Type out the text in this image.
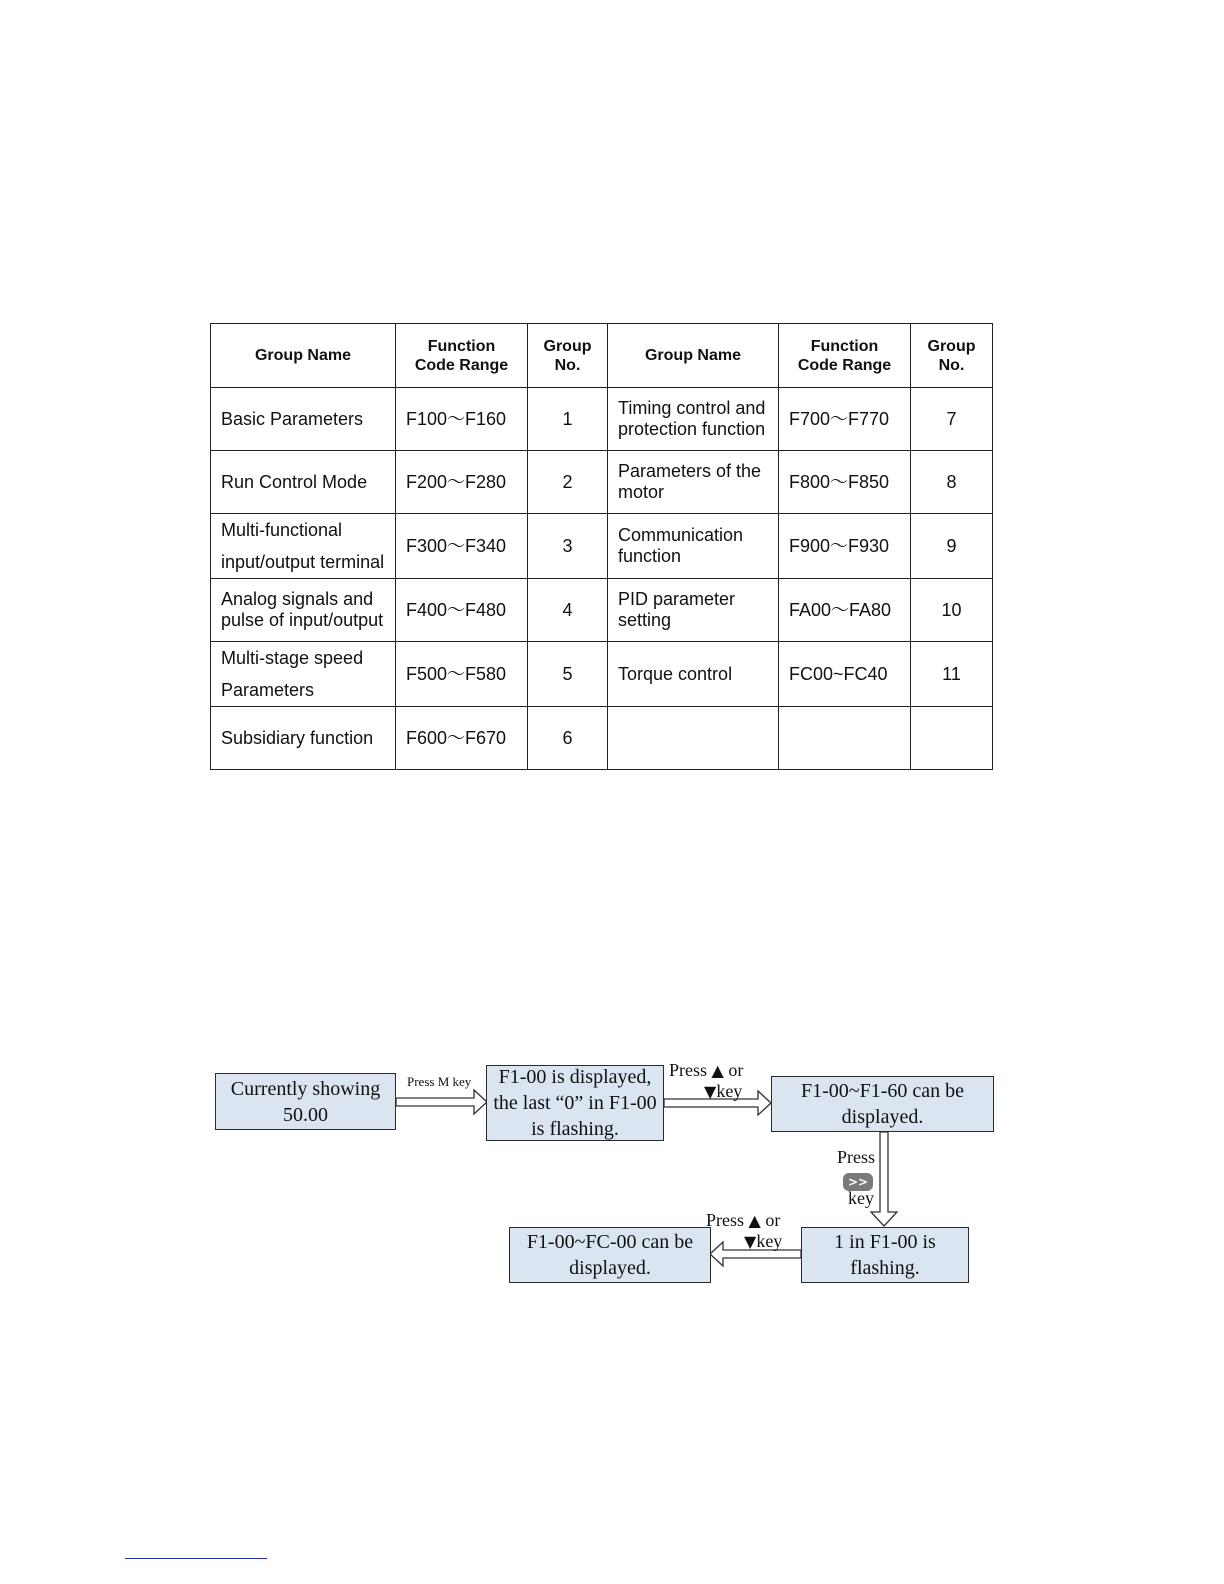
Group Name	Function Code Range	Group No.	Group Name	Function Code Range	Group No.
Basic Parameters	F100～F160	1	Timing control and protection function	F700～F770	7
Run Control Mode	F200～F280	2	Parameters of the motor	F800～F850	8
Multi-functional input/output terminal	F300～F340	3	Communication function	F900～F930	9
Analog signals and pulse of input/output	F400～F480	4	PID parameter setting	FA00～FA80	10
Multi-stage speed Parameters	F500～F580	5	Torque control	FC00~FC40	11
Subsidiary function	F600～F670	6			
Currently showing 50.00
F1-00 is displayed, the last “0” in F1-00 is flashing.
F1-00~F1-60 can be displayed.
1 in F1-00 is flashing.
F1-00~FC-00 can be displayed.
Press M key
Press ▲ or
▼key
Press
>>
key
Press ▲ or
▼key
